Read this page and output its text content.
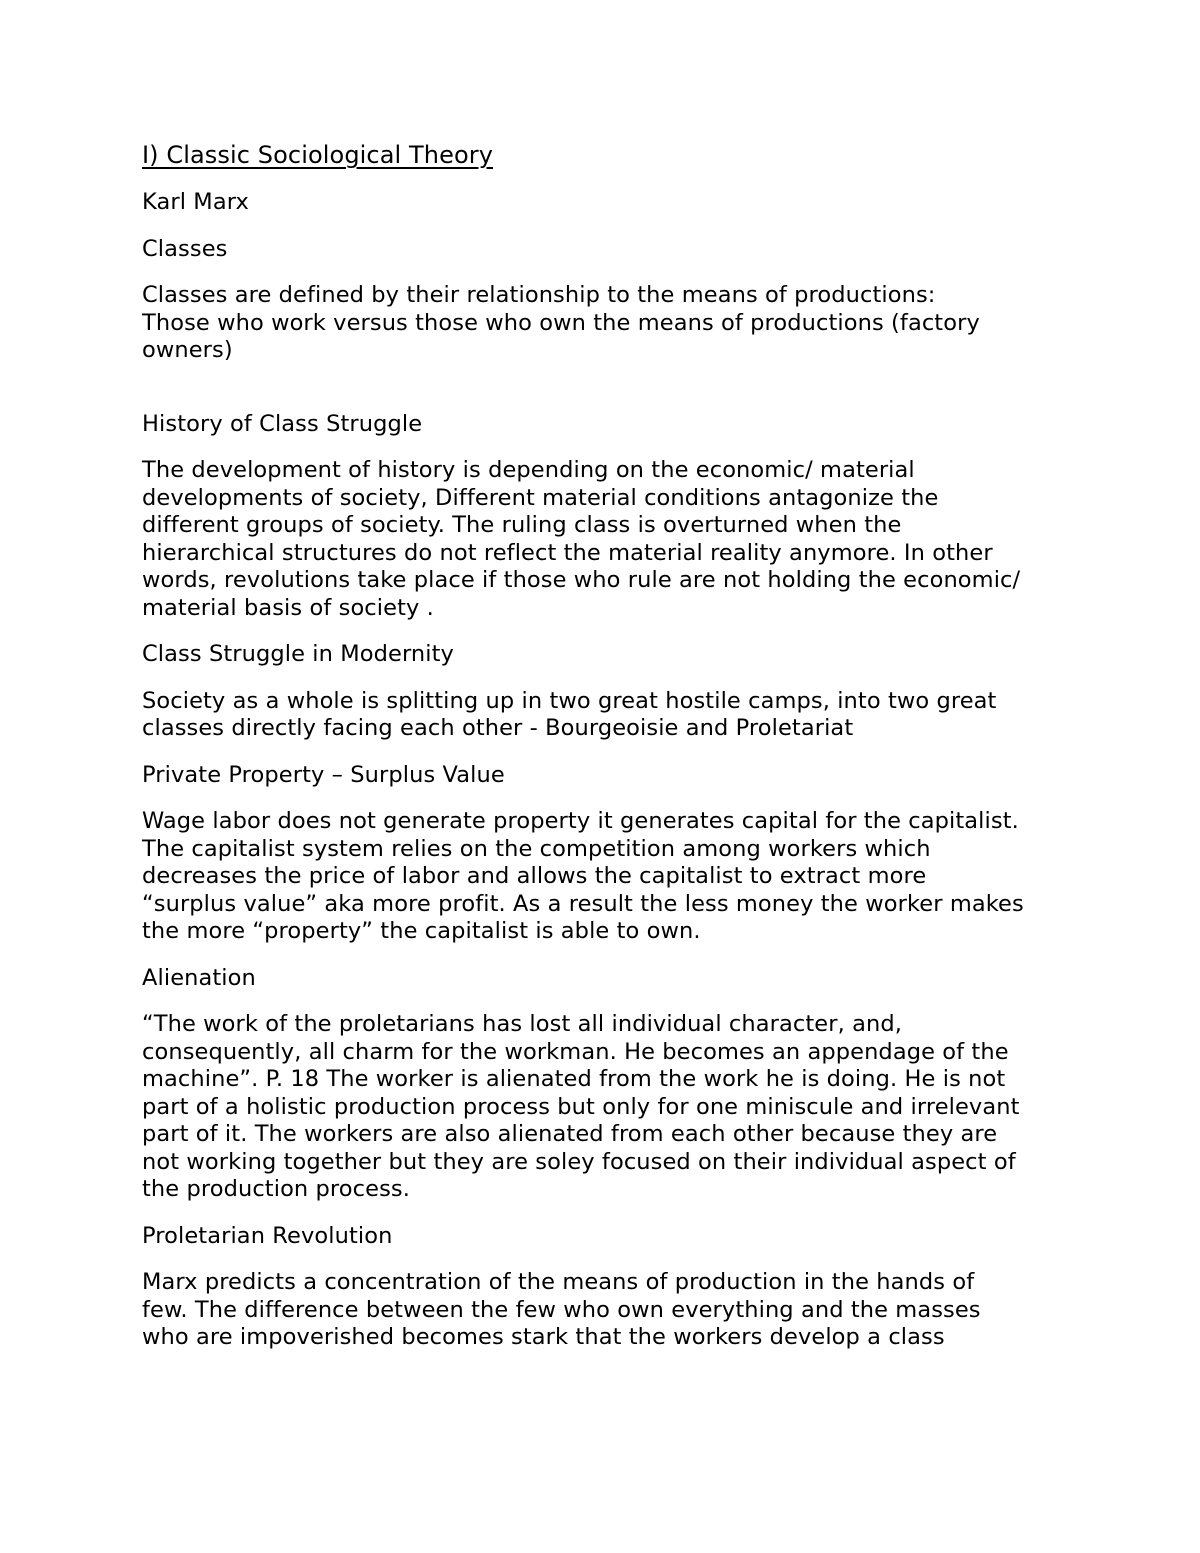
I) Classic Sociological Theory
Karl Marx
Classes
Classes are defined by their relationship to the means of productions:
Those who work versus those who own the means of productions (factory
owners)
History of Class Struggle
The development of history is depending on the economic/ material
developments of society, Different material conditions antagonize the
different groups of society. The ruling class is overturned when the
hierarchical structures do not reflect the material reality anymore. In other
words, revolutions take place if those who rule are not holding the economic/
material basis of society .
Class Struggle in Modernity
Society as a whole is splitting up in two great hostile camps, into two great
classes directly facing each other - Bourgeoisie and Proletariat
Private Property – Surplus Value
Wage labor does not generate property it generates capital for the capitalist.
The capitalist system relies on the competition among workers which
decreases the price of labor and allows the capitalist to extract more
“surplus value” aka more profit. As a result the less money the worker makes
the more “property” the capitalist is able to own.
Alienation
“The work of the proletarians has lost all individual character, and,
consequently, all charm for the workman. He becomes an appendage of the
machine”. P. 18 The worker is alienated from the work he is doing. He is not
part of a holistic production process but only for one miniscule and irrelevant
part of it. The workers are also alienated from each other because they are
not working together but they are soley focused on their individual aspect of
the production process.
Proletarian Revolution
Marx predicts a concentration of the means of production in the hands of
few. The difference between the few who own everything and the masses
who are impoverished becomes stark that the workers develop a class
